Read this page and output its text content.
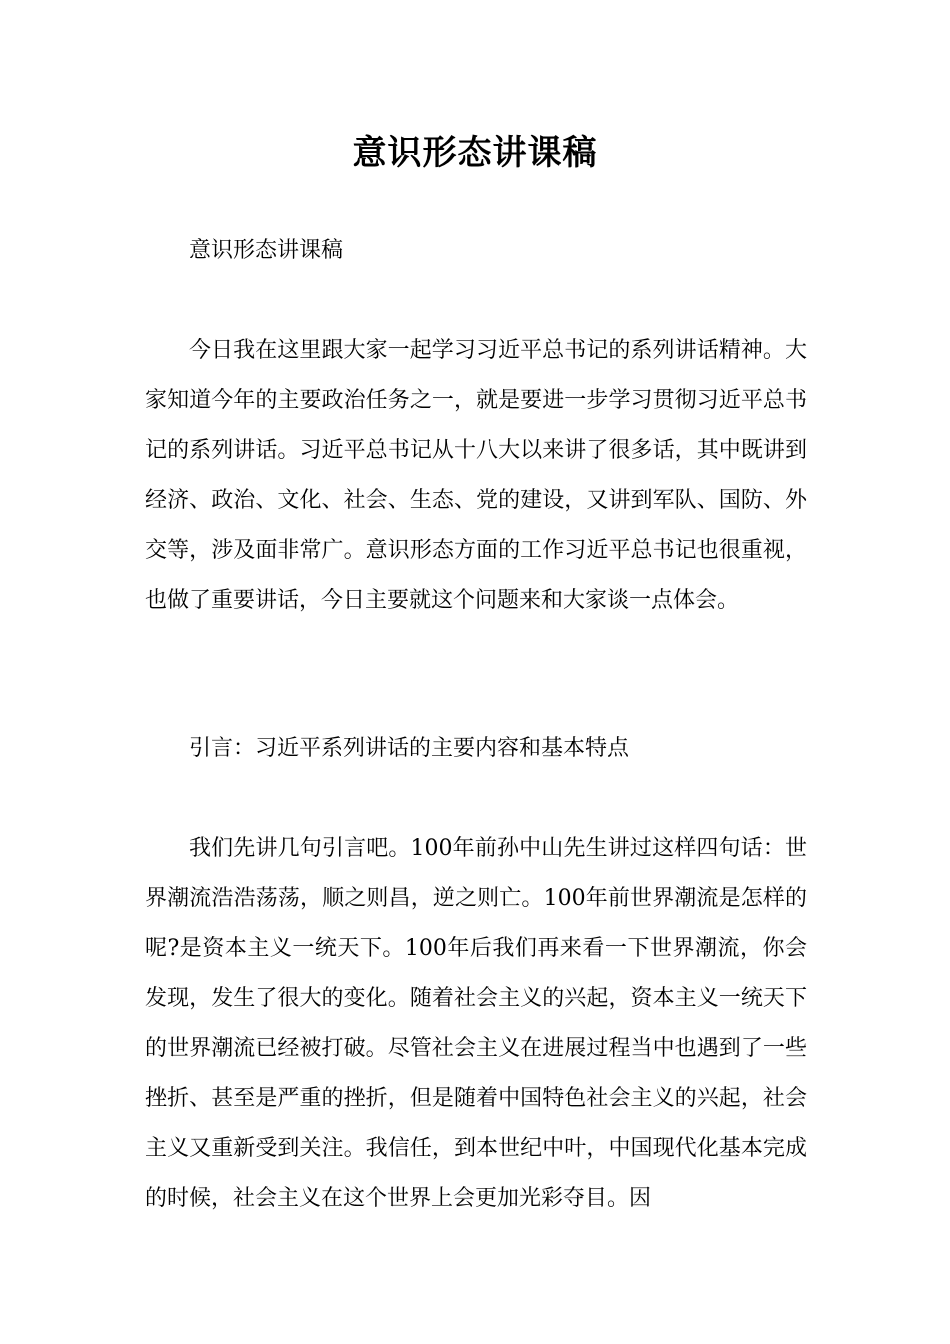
意识形态讲课稿

意识形态讲课稿

今日我在这里跟大家一起学习习近平总书记的系列讲话精神。大家知道今年的主要政治任务之一，就是要进一步学习贯彻习近平总书记的系列讲话。习近平总书记从十八大以来讲了很多话，其中既讲到经济、政治、文化、社会、生态、党的建设，又讲到军队、国防、外交等，涉及面非常广。意识形态方面的工作习近平总书记也很重视，也做了重要讲话，今日主要就这个问题来和大家谈一点体会。

引言：习近平系列讲话的主要内容和基本特点

我们先讲几句引言吧。100年前孙中山先生讲过这样四句话：世界潮流浩浩荡荡，顺之则昌，逆之则亡。100年前世界潮流是怎样的呢?是资本主义一统天下。100年后我们再来看一下世界潮流，你会发现，发生了很大的变化。随着社会主义的兴起，资本主义一统天下的世界潮流已经被打破。尽管社会主义在进展过程当中也遇到了一些挫折、甚至是严重的挫折，但是随着中国特色社会主义的兴起，社会主义又重新受到关注。我信任，到本世纪中叶，中国现代化基本完成的时候，社会主义在这个世界上会更加光彩夺目。因
